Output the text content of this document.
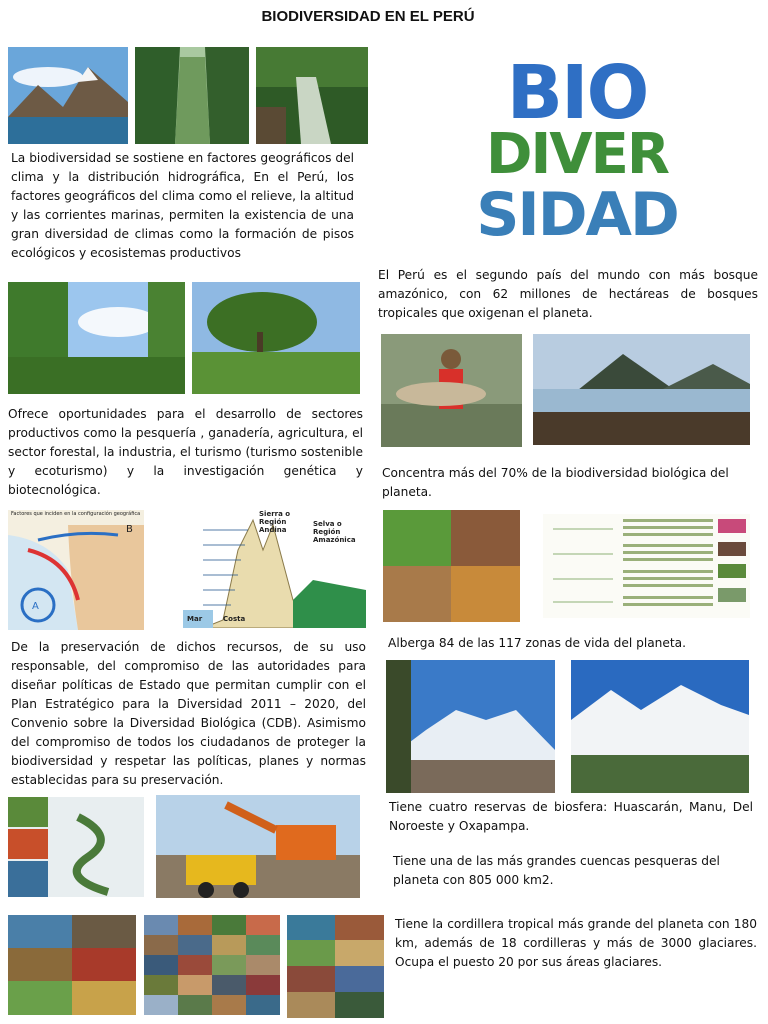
BIODIVERSIDAD EN EL PERÚ
La biodiversidad se sostiene en factores geográficos del clima y la distribución hidrográfica, En el Perú, los factores geográficos del clima como el relieve, la altitud y las corrientes marinas, permiten la existencia de una gran diversidad de climas como la formación de pisos ecológicos y ecosistemas productivos
Ofrece oportunidades para el desarrollo de sectores productivos como la pesquería , ganadería, agricultura, el sector forestal, la industria, el turismo (turismo sostenible y ecoturismo) y la investigación genética y biotecnológica.
A
B
Factores que inciden en la configuración geográfica	Sierra o Región Andina
Selva o Región Amazónica
Mar	Costa
De la preservación de dichos recursos, de su uso responsable, del compromiso de las autoridades para diseñar políticas de Estado que permitan cumplir con el Plan Estratégico para la Diversidad 2011 – 2020, del Convenio sobre la Diversidad Biológica (CDB). Asimismo del compromiso de todos los ciudadanos de proteger la biodiversidad y respetar las políticas, planes y normas establecidas para su preservación.
BIO
DIVER
SIDAD
El Perú es el segundo país del mundo con más bosque amazónico, con 62 millones de hectáreas de bosques tropicales que oxigenan el planeta.
Concentra más del 70% de la biodiversidad biológica del planeta.
Alberga 84 de las 117 zonas de vida del planeta.
Tiene cuatro reservas de biosfera: Huascarán, Manu, Del Noroeste y Oxapampa.
Tiene una de las más grandes cuencas pesqueras del planeta con 805 000 km2.
Tiene la cordillera tropical más grande del planeta con 180 km, además de 18 cordilleras y más de 3000 glaciares. Ocupa el puesto 20 por sus áreas glaciares.
